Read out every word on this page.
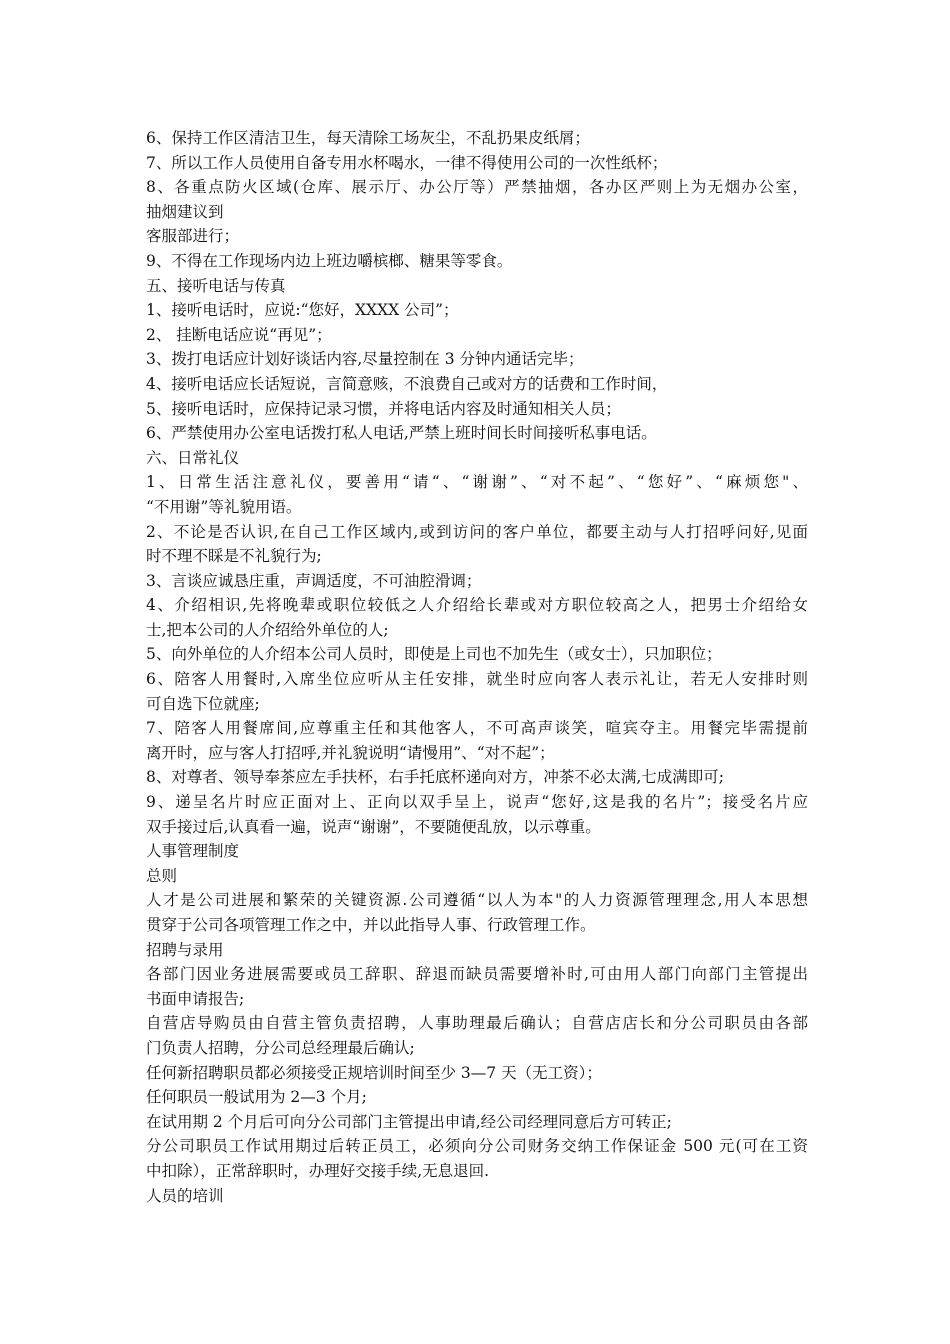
6、保持工作区清洁卫生，每天清除工场灰尘，不乱扔果皮纸屑；
7、所以工作人员使用自备专用水杯喝水，一律不得使用公司的一次性纸杯；
8、各重点防火区域(仓库、展示厅、办公厅等）严禁抽烟，各办区严则上为无烟办公室，
抽烟建议到
客服部进行；
9、不得在工作现场内边上班边嚼槟榔、糖果等零食。
五、接听电话与传真
1、接听电话时，应说:“您好，XXXX 公司”；
2、 挂断电话应说“再见”；
3、拨打电话应计划好谈话内容,尽量控制在 3 分钟内通话完毕；
4、接听电话应长话短说，言简意赅，不浪费自己或对方的话费和工作时间，
5、接听电话时，应保持记录习惯，并将电话内容及时通知相关人员；
6、严禁使用办公室电话拨打私人电话,严禁上班时间长时间接听私事电话。
六、日常礼仪
1、日常生活注意礼仪，要善用“请“、“谢谢”、“对不起”、“您好”、“麻烦您"、
“不用谢”等礼貌用语。
2、不论是否认识,在自己工作区域内,或到访问的客户单位，都要主动与人打招呼问好,见面
时不理不睬是不礼貌行为;
3、言谈应诚恳庄重，声调适度，不可油腔滑调；
4、介绍相识,先将晚辈或职位较低之人介绍给长辈或对方职位较高之人，把男士介绍给女
士,把本公司的人介绍给外单位的人;
5、向外单位的人介绍本公司人员时，即使是上司也不加先生（或女士），只加职位；
6、陪客人用餐时,入席坐位应听从主任安排，就坐时应向客人表示礼让，若无人安排时则
可自选下位就座;
7、陪客人用餐席间,应尊重主任和其他客人，不可高声谈笑，喧宾夺主。用餐完毕需提前
离开时，应与客人打招呼,并礼貌说明“请慢用”、“对不起”；
8、对尊者、领导奉茶应左手扶杯，右手托底杯递向对方，冲茶不必太满,七成满即可;
9、递呈名片时应正面对上、正向以双手呈上，说声“您好,这是我的名片”；接受名片应
双手接过后,认真看一遍，说声“谢谢”，不要随便乱放，以示尊重。
人事管理制度
总则
人才是公司进展和繁荣的关键资源.公司遵循“以人为本"的人力资源管理理念,用人本思想
贯穿于公司各项管理工作之中，并以此指导人事、行政管理工作。
招聘与录用
各部门因业务进展需要或员工辞职、辞退而缺员需要增补时,可由用人部门向部门主管提出
书面申请报告;
自营店导购员由自营主管负责招聘，人事助理最后确认；自营店店长和分公司职员由各部
门负责人招聘，分公司总经理最后确认;
任何新招聘职员都必须接受正规培训时间至少 3—7 天（无工资）；
任何职员一般试用为 2—3 个月;
在试用期 2 个月后可向分公司部门主管提出申请,经公司经理同意后方可转正;
分公司职员工作试用期过后转正员工，必须向分公司财务交纳工作保证金 500 元(可在工资
中扣除），正常辞职时，办理好交接手续,无息退回.
人员的培训
